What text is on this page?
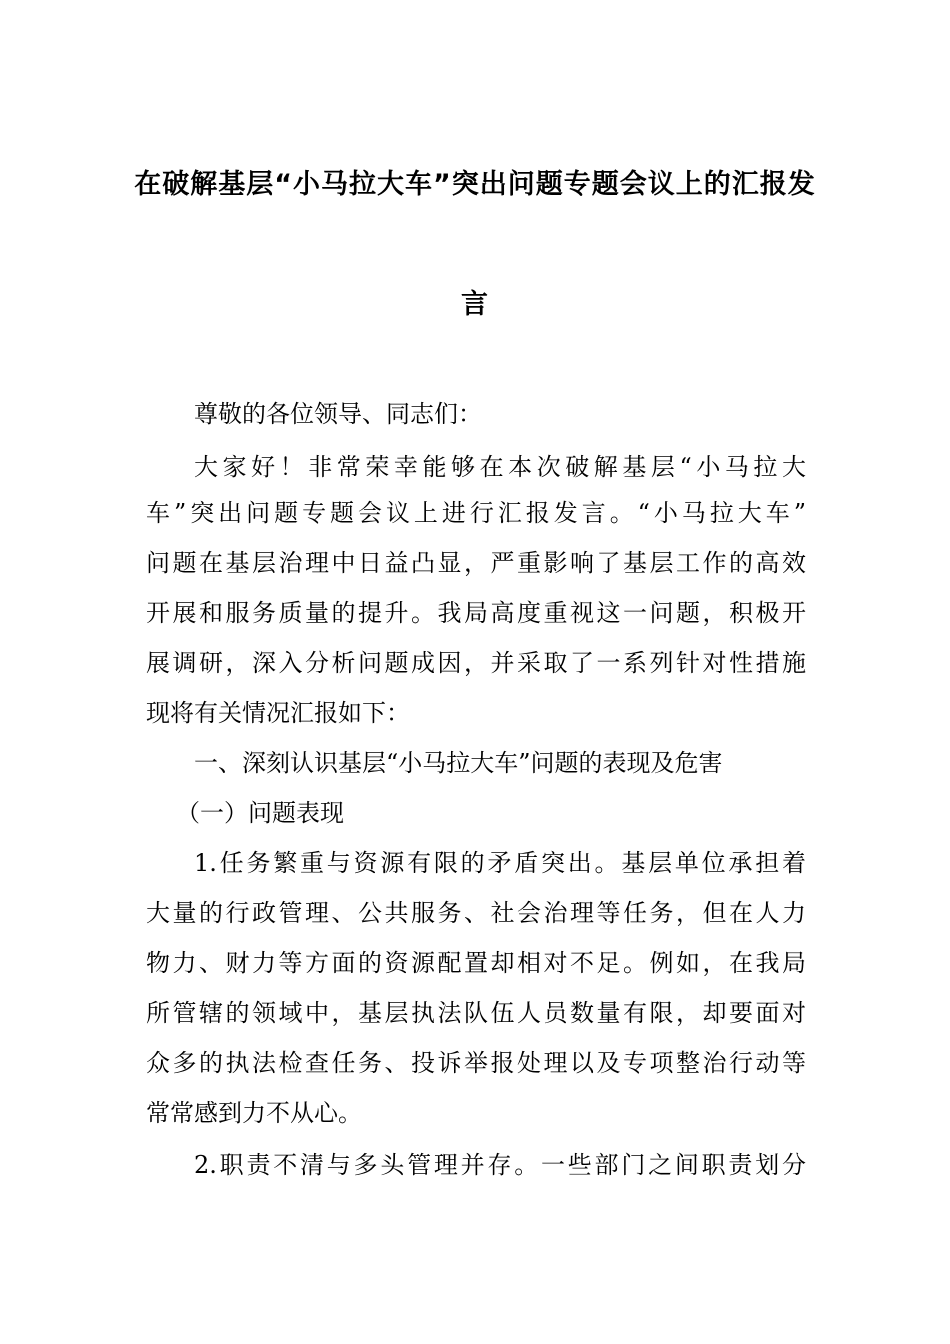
在破解基层“小马拉大车”突出问题专题会议上的汇报发
言
尊敬的各位领导、同志们：
大家好！非常荣幸能够在本次破解基层“小马拉大
车”突出问题专题会议上进行汇报发言。“小马拉大车”
问题在基层治理中日益凸显，严重影响了基层工作的高效
开展和服务质量的提升。我局高度重视这一问题，积极开
展调研，深入分析问题成因，并采取了一系列针对性措施
现将有关情况汇报如下：
一、深刻认识基层“小马拉大车”问题的表现及危害
（一）问题表现
1.任务繁重与资源有限的矛盾突出。基层单位承担着
大量的行政管理、公共服务、社会治理等任务，但在人力
物力、财力等方面的资源配置却相对不足。例如，在我局
所管辖的领域中，基层执法队伍人员数量有限，却要面对
众多的执法检查任务、投诉举报处理以及专项整治行动等
常常感到力不从心。
2.职责不清与多头管理并存。一些部门之间职责划分
